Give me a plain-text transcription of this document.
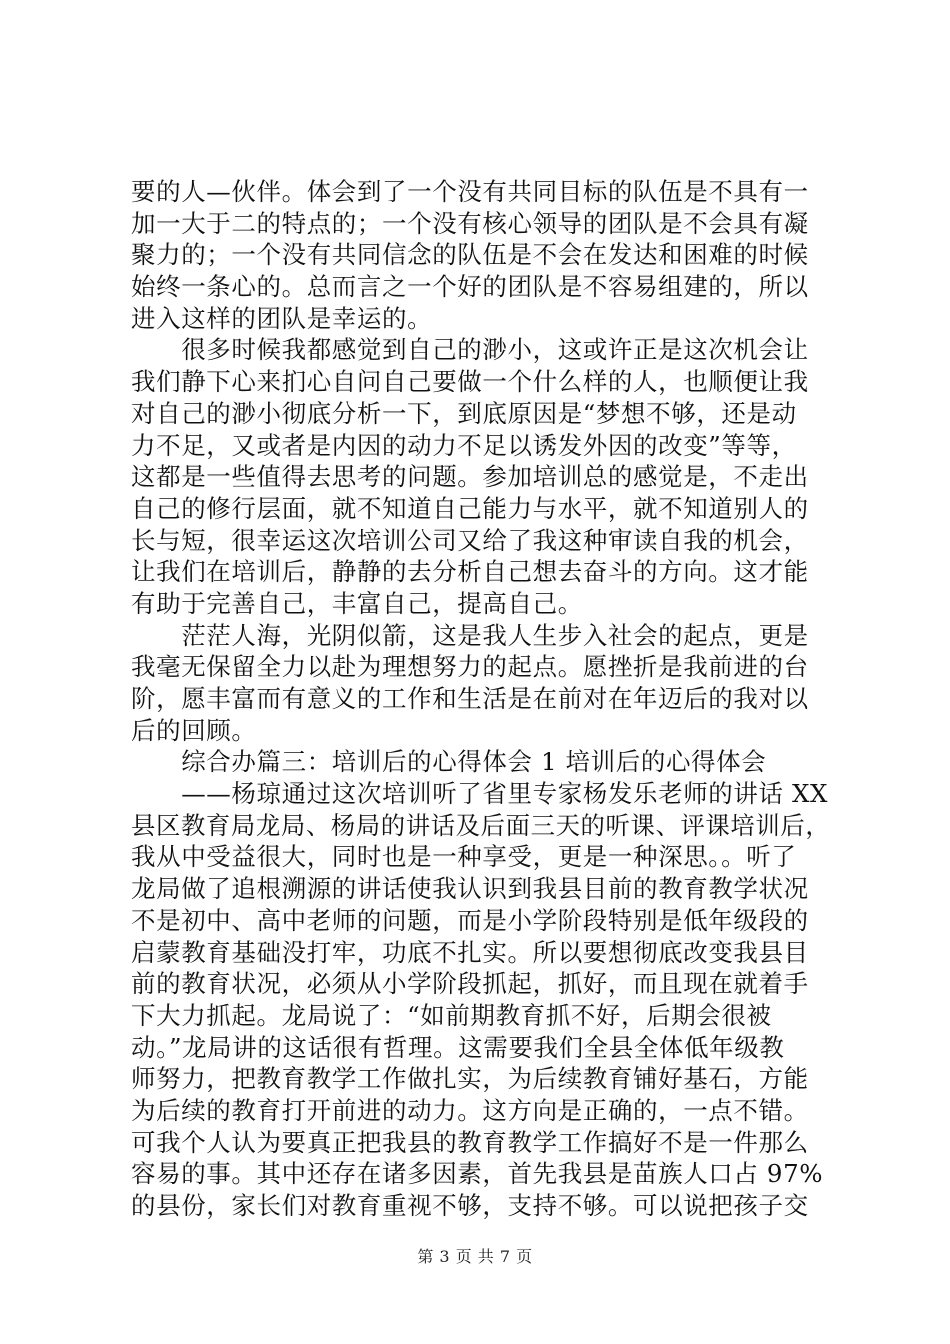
要的人—伙伴。体会到了一个没有共同目标的队伍是不具有一
加一大于二的特点的；一个没有核心领导的团队是不会具有凝
聚力的；一个没有共同信念的队伍是不会在发达和困难的时候
始终一条心的。总而言之一个好的团队是不容易组建的，所以
进入这样的团队是幸运的。
　　很多时候我都感觉到自己的渺小，这或许正是这次机会让
我们静下心来扪心自问自己要做一个什么样的人，也顺便让我
对自己的渺小彻底分析一下，到底原因是“梦想不够，还是动
力不足，又或者是内因的动力不足以诱发外因的改变”等等，
这都是一些值得去思考的问题。参加培训总的感觉是，不走出
自己的修行层面，就不知道自己能力与水平，就不知道别人的
长与短，很幸运这次培训公司又给了我这种审读自我的机会，
让我们在培训后，静静的去分析自己想去奋斗的方向。这才能
有助于完善自己，丰富自己，提高自己。
　　茫茫人海，光阴似箭，这是我人生步入社会的起点，更是
我毫无保留全力以赴为理想努力的起点。愿挫折是我前进的台
阶，愿丰富而有意义的工作和生活是在前对在年迈后的我对以
后的回顾。
　　综合办篇三：培训后的心得体会 1 培训后的心得体会
　　——杨琼通过这次培训听了省里专家杨发乐老师的讲话 XX
县区教育局龙局、杨局的讲话及后面三天的听课、评课培训后，
我从中受益很大，同时也是一种享受，更是一种深思。。听了
龙局做了追根溯源的讲话使我认识到我县目前的教育教学状况
不是初中、高中老师的问题，而是小学阶段特别是低年级段的
启蒙教育基础没打牢，功底不扎实。所以要想彻底改变我县目
前的教育状况，必须从小学阶段抓起，抓好，而且现在就着手
下大力抓起。龙局说了：“如前期教育抓不好，后期会很被
动。”龙局讲的这话很有哲理。这需要我们全县全体低年级教
师努力，把教育教学工作做扎实，为后续教育铺好基石，方能
为后续的教育打开前进的动力。这方向是正确的，一点不错。
可我个人认为要真正把我县的教育教学工作搞好不是一件那么
容易的事。其中还存在诸多因素，首先我县是苗族人口占 97%
的县份，家长们对教育重视不够，支持不够。可以说把孩子交
第 3 页 共 7 页
